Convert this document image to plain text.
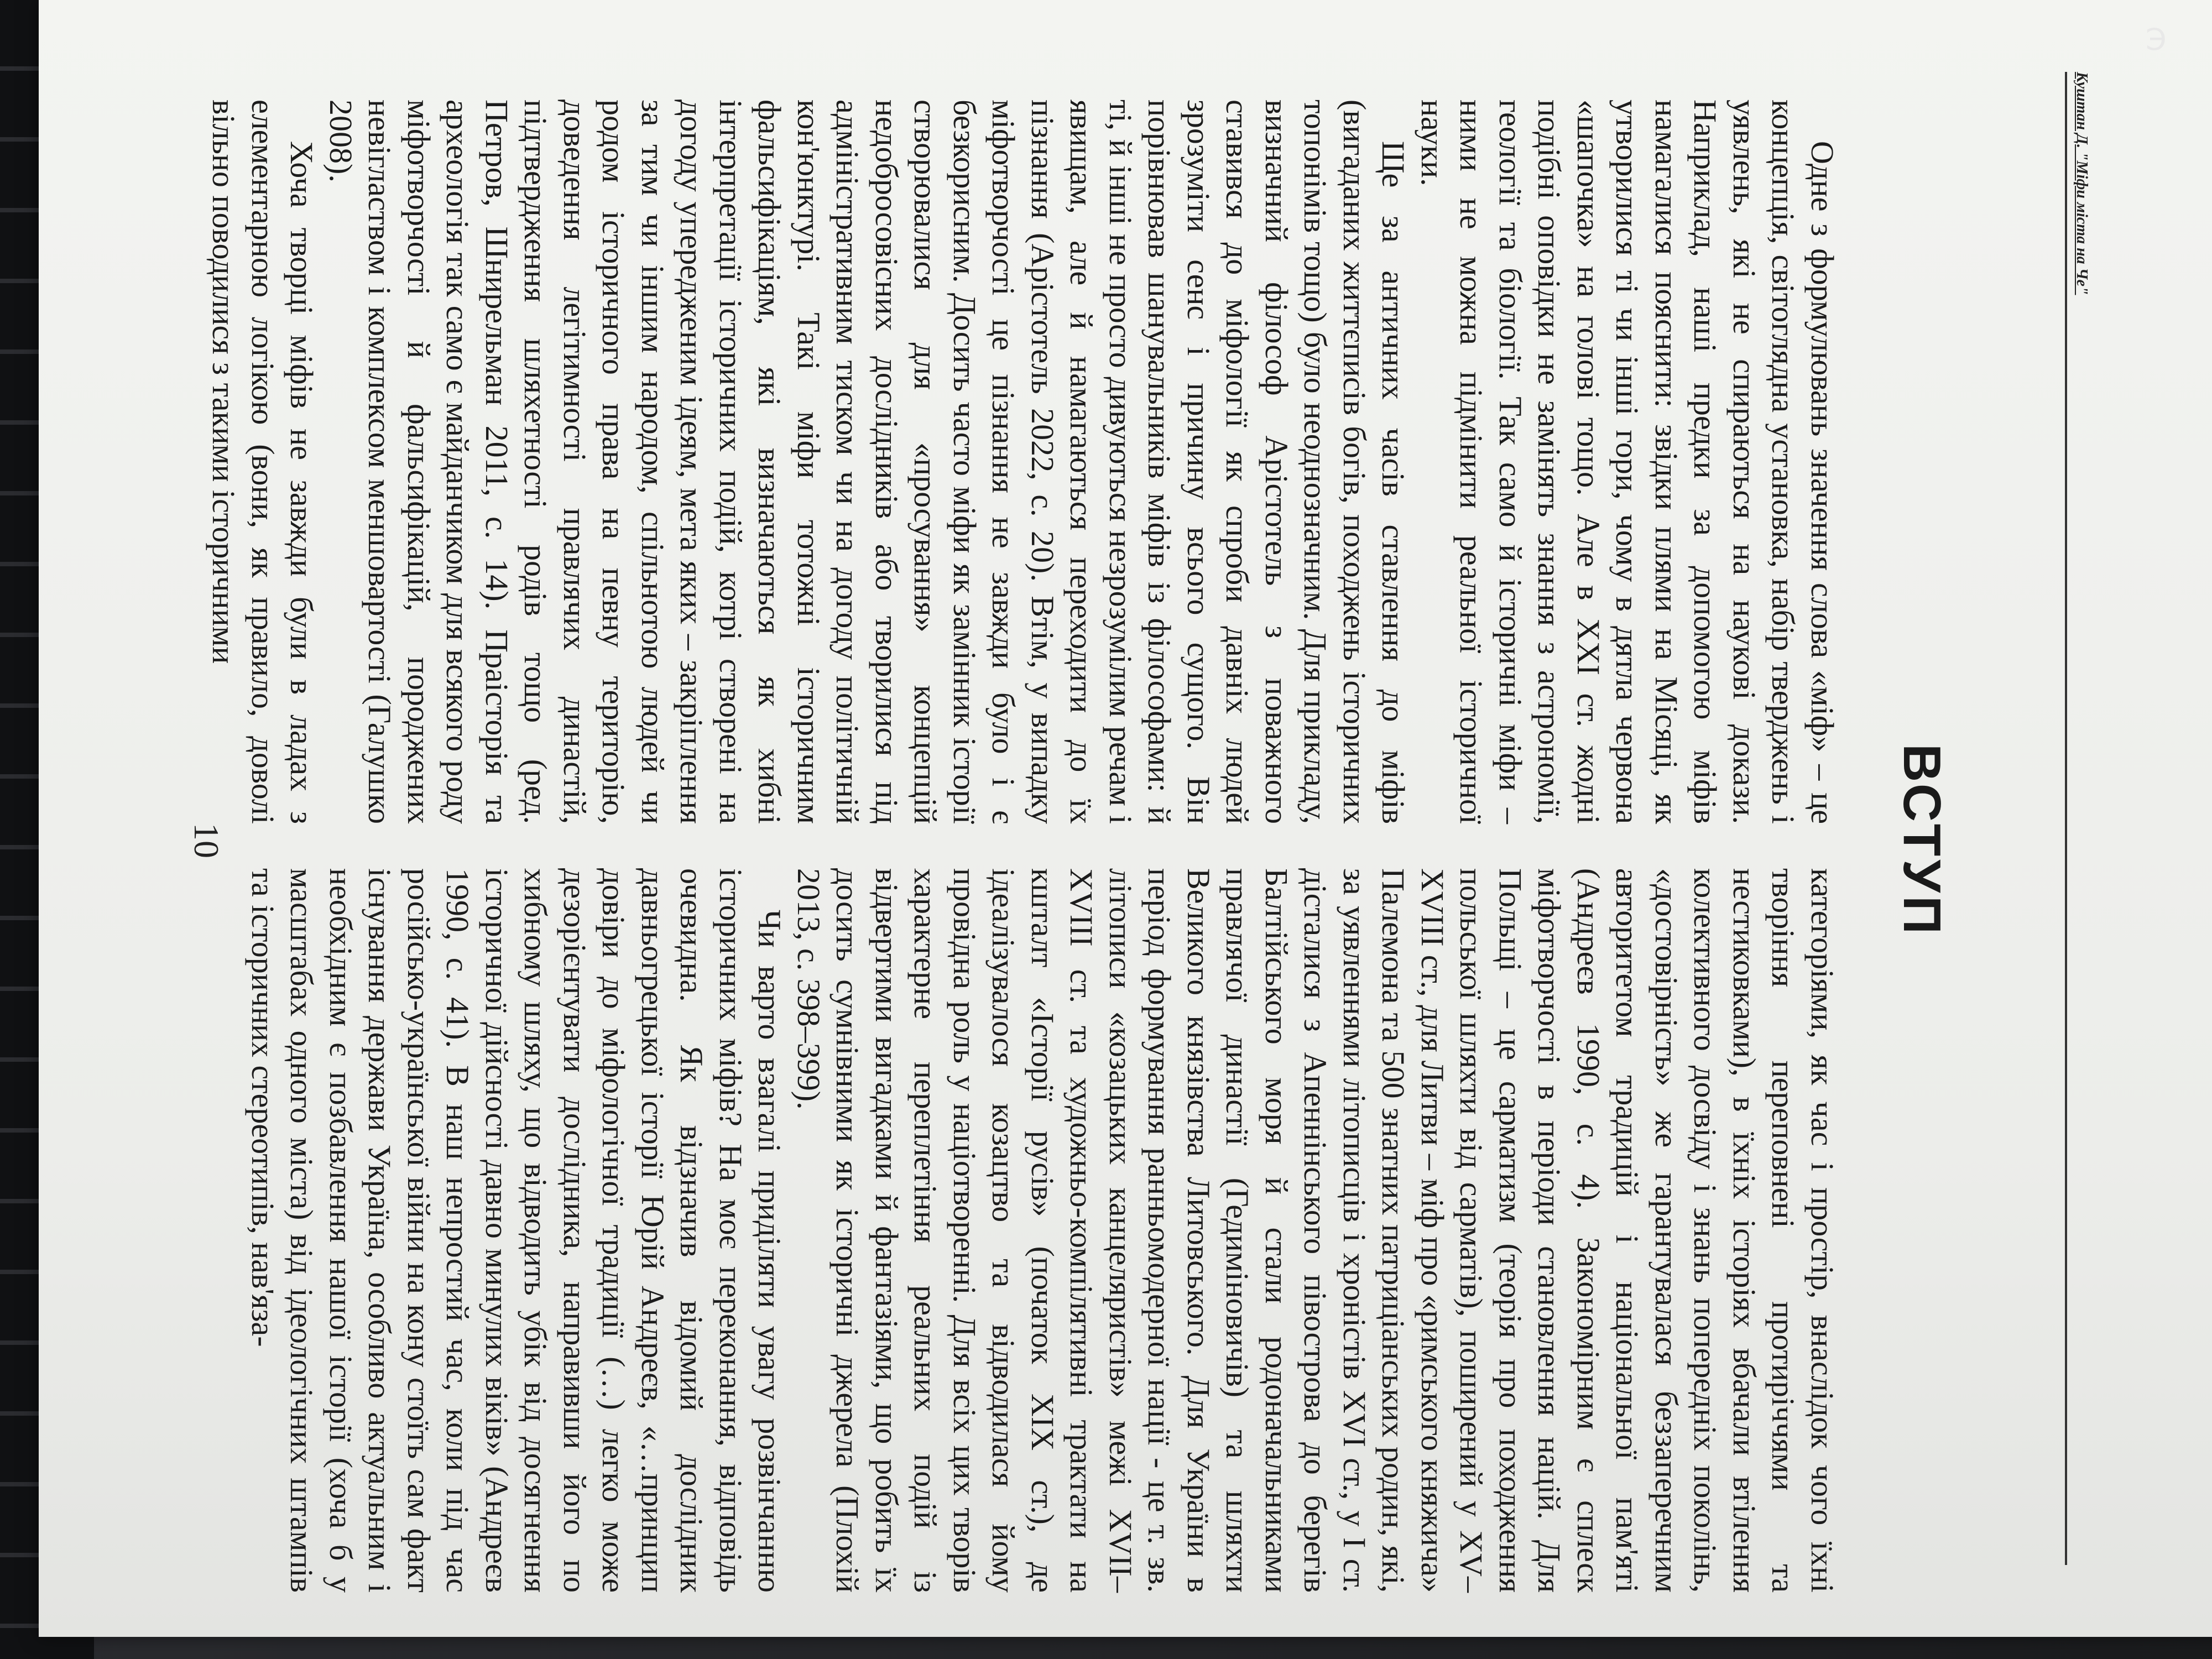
Куштан Д. "Міфи міста на Че"
ВСТУП

Одне з формулювань значення слова «міф» – це концепція, світоглядна установка, набір тверджень і уявлень, які не спираються на наукові докази. Наприклад, наші предки за допомогою міфів намагалися пояснити: звідки плями на Місяці, як утворилися ті чи інші гори, чому в дятла червона «шапочка» на голові тощо. Але в XXI ст. жодні подібні оповідки не замінять знання з астрономії, геології та біології. Так само й історичні міфи – ними не можна підмінити реальної історичної науки.

Ще за античних часів ставлення до міфів (вигаданих життєписів богів, походжень історичних топонімів тощо) було неоднозначним. Для прикладу, визначний філософ Арістотель з поважного ставився до міфології як спроби давніх людей зрозуміти сенс і причину всього сущого. Він порівнював шанувальників міфів із філософами: й ті, й інші не просто дивуються незрозумілим речам і явищам, але й намагаються переходити до їх пізнання (Арістотель 2022, с. 20). Втім, у випадку міфотворчості це пізнання не завжди було і є безкорисним. Досить часто міфи як замінник історії створювалися для «просування» концепцій недобросовісних дослідників або творилися під адміністративним тиском чи на догоду політичній кон'юнктурі. Такі міфи тотожні історичним фальсифікаціям, які визначаються як хибні інтерпретації історичних подій, котрі створені на догоду упередженим ідеям, мета яких – закріплення за тим чи іншим народом, спільнотою людей чи родом історичного права на певну територію, доведення легітимності правлячих династій, підтвердження шляхетності родів тощо (ред. Петров, Шнирельман 2011, с. 14). Праісторія та археологія так само є майданчиком для всякого роду міфотворчості й фальсифікацій, породжених невіглаством і комплексом меншовартості (Галушко 2008).

Хоча творці міфів не завжди були в ладах з елементарною логікою (вони, як правило, доволі вільно поводилися з такими історичними

категоріями, як час і простір, внаслідок чого їхні творіння переповнені протиріччями та нестиковками), в їхніх історіях вбачали втілення колективного досвіду і знань попередніх поколінь, «достовірність» же гарантувалася беззаперечним авторитетом традицій і національної пам'яті (Андреєв 1990, с. 4). Закономірним є сплеск міфотворчості в періоди становлення націй. Для Польщі – це сарматизм (теорія про походження польської шляхти від сарматів), поширений у XV–XVIII ст., для Литви – міф про «римського княжича» Палемона та 500 знатних патриціанських родин, які, за уявленнями літописців і хроністів XVI ст., у I ст. дісталися з Апеннінського півострова до берегів Балтійського моря й стали родоначальниками правлячої династії (Гедиміновичів) та шляхти Великого князівства Литовського. Для України в період формування ранньомодерної нації - це т. зв. літописи «козацьких канцеляристів» межі XVII–XVIII ст. та художньо-компілятивні трактати на кшталт «Історії русів» (початок XIX ст.), де ідеалізувалося козацтво та відводилася йому провідна роль у націотворенні. Для всіх цих творів характерне переплетіння реальних подій із відвертими вигадками й фантазіями, що робить їх досить сумнівними як історичні джерела (Плохій 2013, с. 398–399).

Чи варто взагалі приділяти увагу розвінчанню історичних міфів? На моє переконання, відповідь очевидна. Як відзначив відомий дослідник давньогрецької історії Юрій Андреєв, «…принцип довіри до міфологічної традиції (…) легко може дезорієнтувати дослідника, направивши його по хибному шляху, що відводить убік від досягнення історичної дійсності давно минулих віків» (Андреєв 1990, с. 41). В наш непростий час, коли під час російсько-української війни на кону стоїть сам факт існування держави Україна, особливо актуальним і необхідним є позбавлення нашої історії (хоча б у масштабах одного міста) від ідеологічних штампів та історичних стереотипів, нав'яза-

10
Э
